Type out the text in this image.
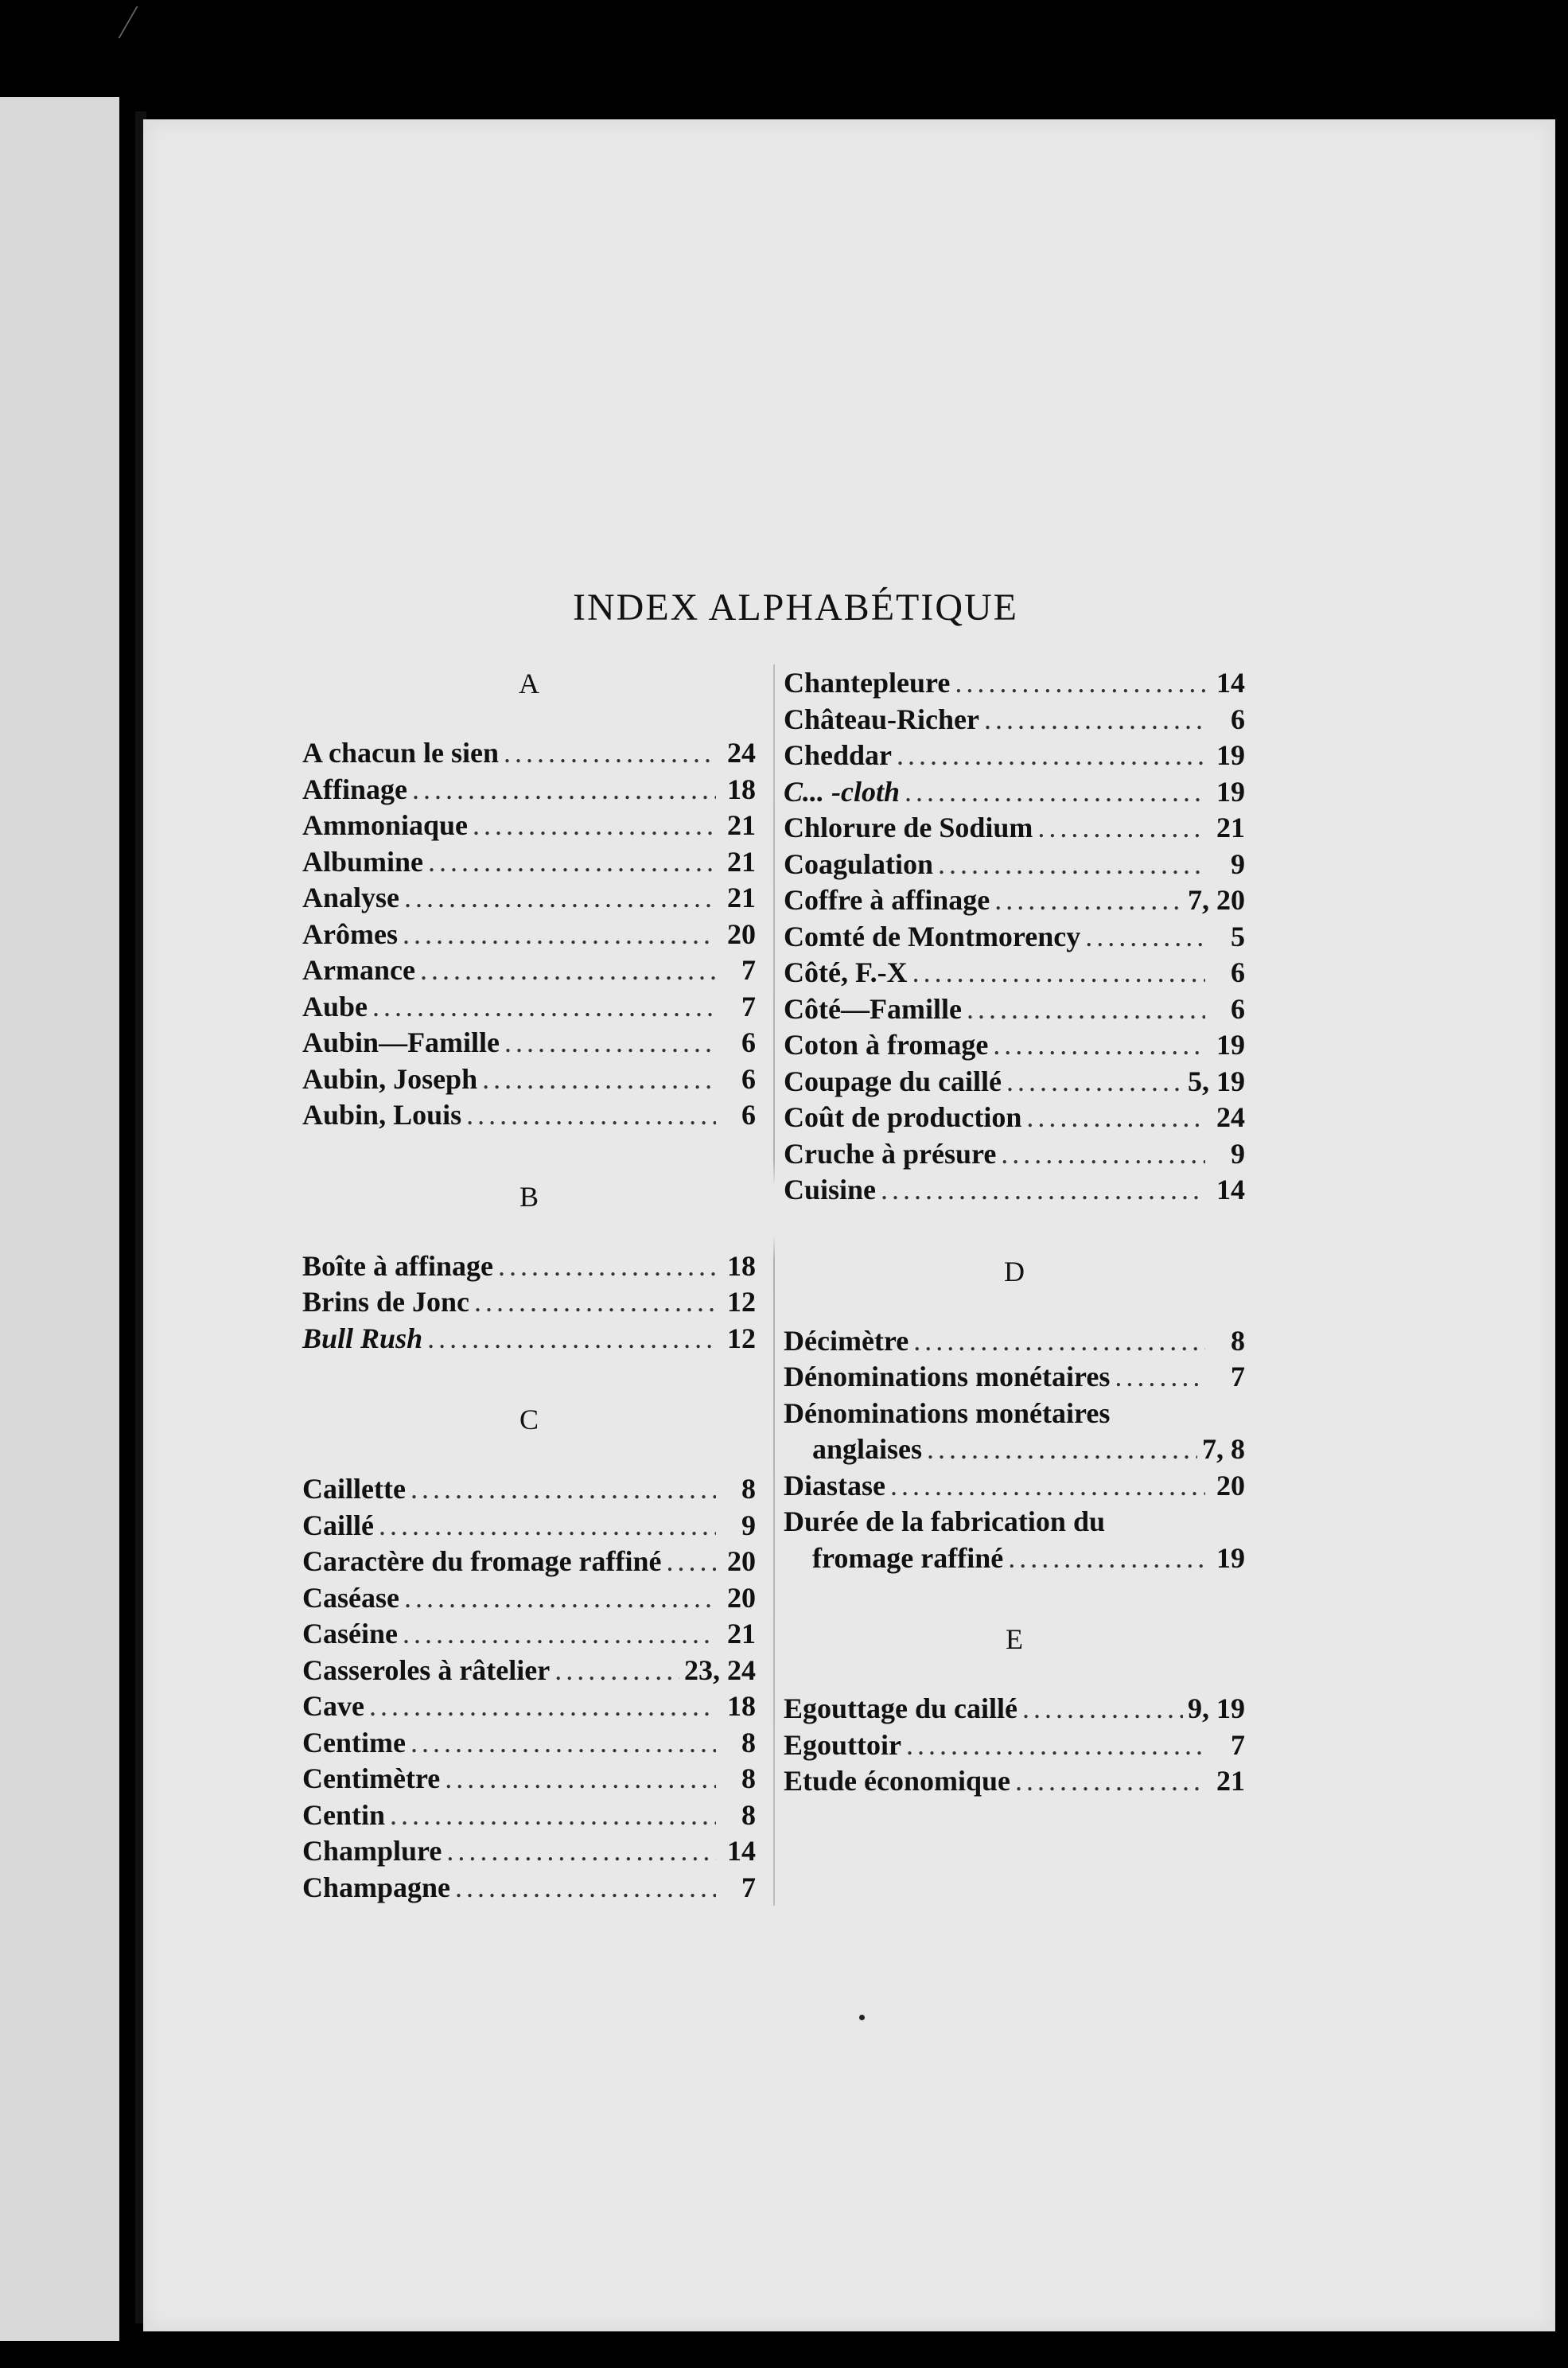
INDEX ALPHABÉTIQUE
A
A chacun le sien .....	24
Affinage .....	18
Ammoniaque .....	21
Albumine .....	21
Analyse .....	21
Arômes .....	20
Armance .....	7
Aube .....	7
Aubin—Famille .....	6
Aubin, Joseph .....	6
Aubin, Louis .....	6
B
Boîte à affinage .....	18
Brins de Jonc .....	12
Bull Rush .....	12
C
Caillette .....	8
Caillé .....	9
Caractère du fromage raffiné ..... 20
Caséase .....	20
Caséine .....	21
Casseroles à râtelier .....	23, 24
Cave .....	18
Centime .....	8
Centimètre .....	8
Centin .....	8
Champlure .....	14
Champagne .....	7
Chantepleure .....	14
Château-Richer .....	6
Cheddar .....	19
C... -cloth .....	19
Chlorure de Sodium .....	21
Coagulation .....	9
Coffre à affinage .....	7, 20
Comté de Montmorency .....	5
Côté, F.-X .....	6
Côté—Famille .....	6
Coton à fromage .....	19
Coupage du caillé .....	5, 19
Coût de production .....	24
Cruche à présure .....	9
Cuisine .....	14
D
Décimètre .....	8
Dénominations monétaires .....	7
Dénominations monétaires
anglaises .....	7, 8
Diastase .....	20
Durée de la fabrication du
fromage raffiné .....	19
E
Egouttage du caillé .....	9, 19
Egouttoir .....	7
Etude économique .....	21
